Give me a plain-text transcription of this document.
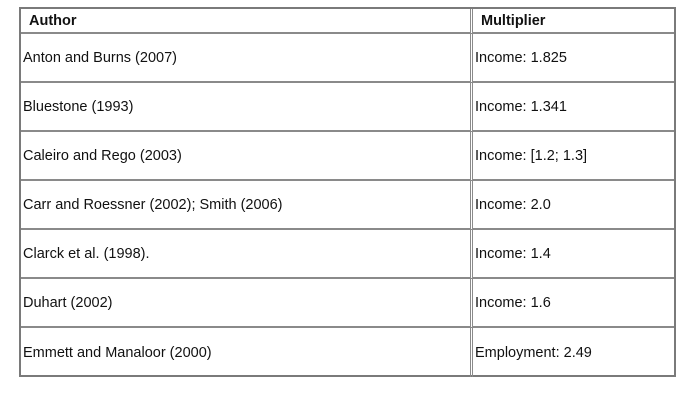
Author	Multiplier
Anton and Burns (2007)	Income: 1.825
Bluestone (1993)	Income: 1.341
Caleiro and Rego (2003)	Income: [1.2; 1.3]
Carr and Roessner (2002); Smith (2006)	Income: 2.0
Clarck et al. (1998).	Income: 1.4
Duhart (2002)	Income: 1.6
Emmett and Manaloor (2000)	Employment: 2.49
